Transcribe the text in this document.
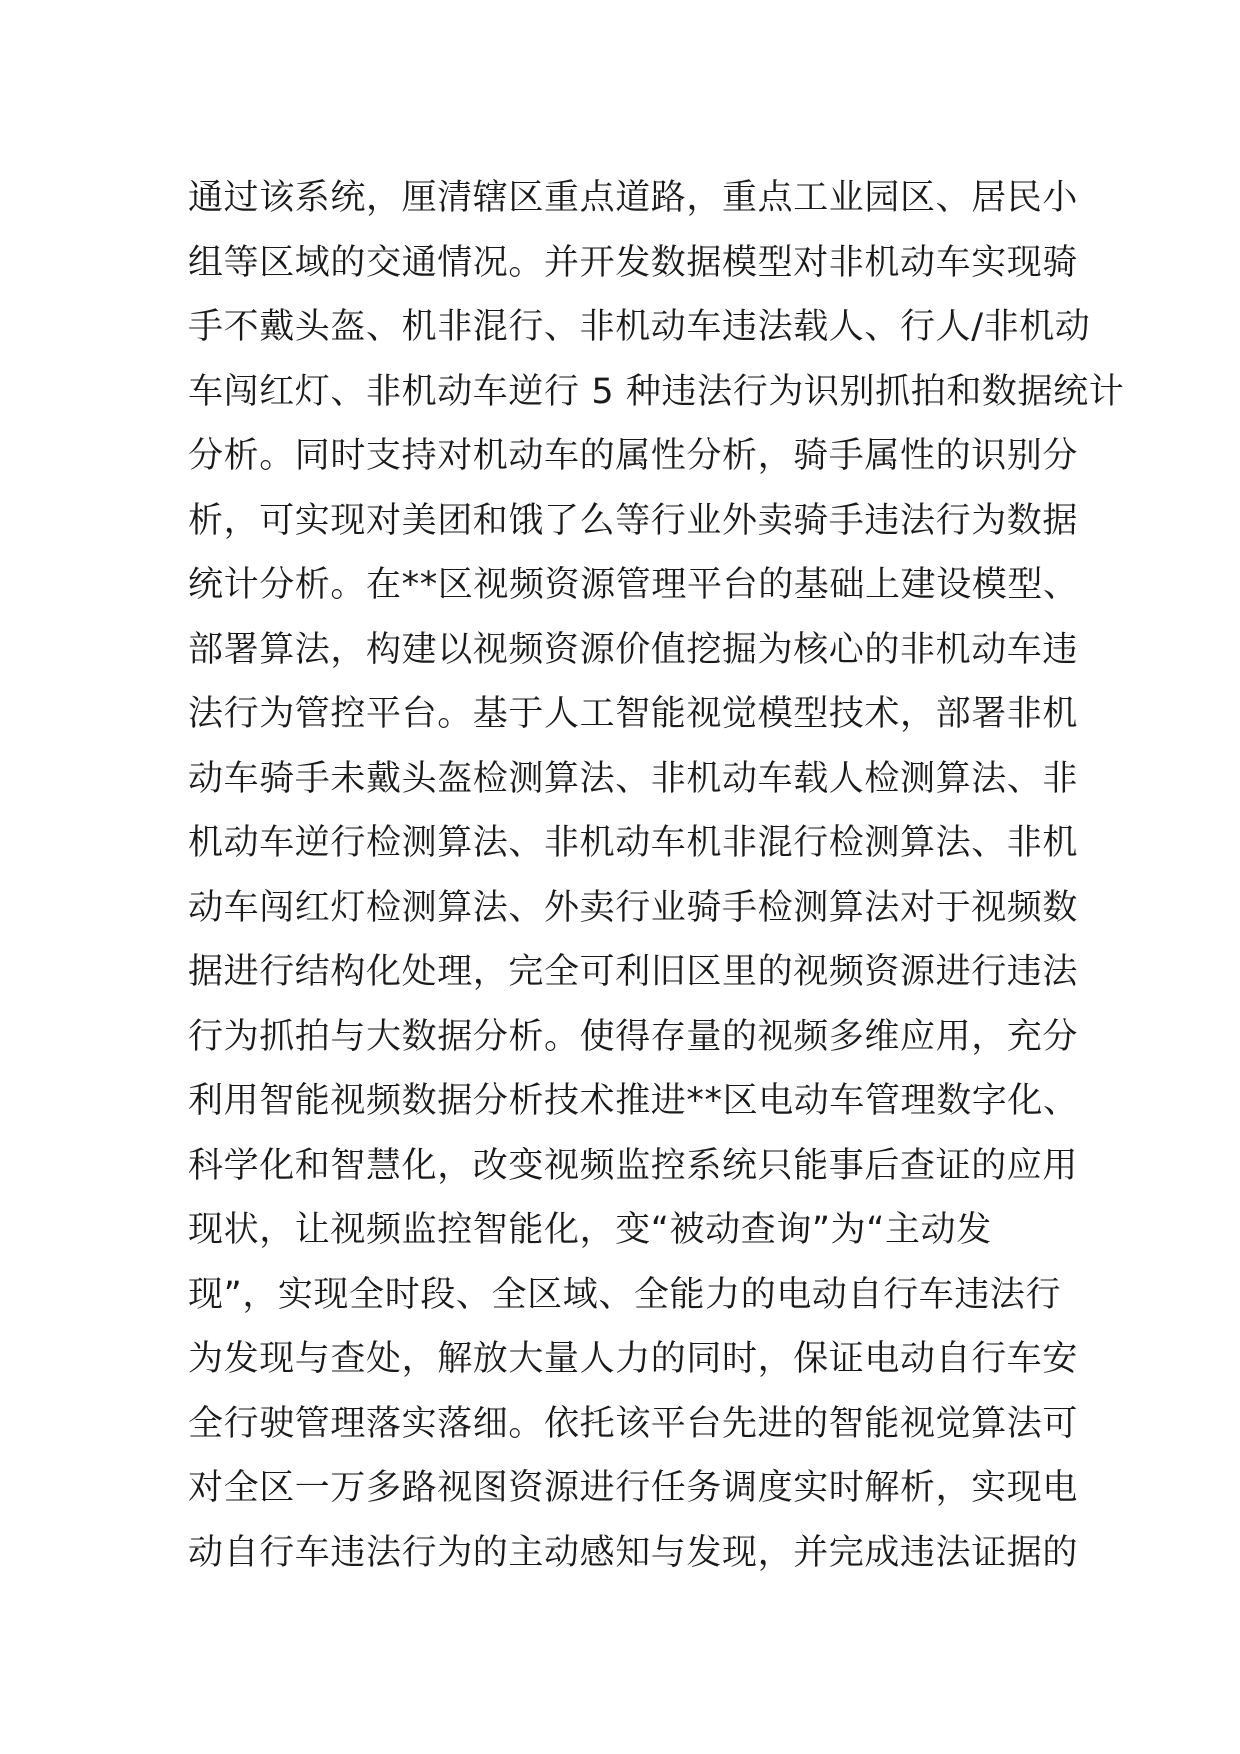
通过该系统，厘清辖区重点道路，重点工业园区、居民小
组等区域的交通情况。并开发数据模型对非机动车实现骑
手不戴头盔、机非混行、非机动车违法载人、行人/非机动
车闯红灯、非机动车逆行 5 种违法行为识别抓拍和数据统计
分析。同时支持对机动车的属性分析，骑手属性的识别分
析，可实现对美团和饿了么等行业外卖骑手违法行为数据
统计分析。在**区视频资源管理平台的基础上建设模型、
部署算法，构建以视频资源价值挖掘为核心的非机动车违
法行为管控平台。基于人工智能视觉模型技术，部署非机
动车骑手未戴头盔检测算法、非机动车载人检测算法、非
机动车逆行检测算法、非机动车机非混行检测算法、非机
动车闯红灯检测算法、外卖行业骑手检测算法对于视频数
据进行结构化处理，完全可利旧区里的视频资源进行违法
行为抓拍与大数据分析。使得存量的视频多维应用，充分
利用智能视频数据分析技术推进**区电动车管理数字化、
科学化和智慧化，改变视频监控系统只能事后查证的应用
现状，让视频监控智能化，变“被动查询”为“主动发
现”，实现全时段、全区域、全能力的电动自行车违法行
为发现与查处，解放大量人力的同时，保证电动自行车安
全行驶管理落实落细。依托该平台先进的智能视觉算法可
对全区一万多路视图资源进行任务调度实时解析，实现电
动自行车违法行为的主动感知与发现，并完成违法证据的
